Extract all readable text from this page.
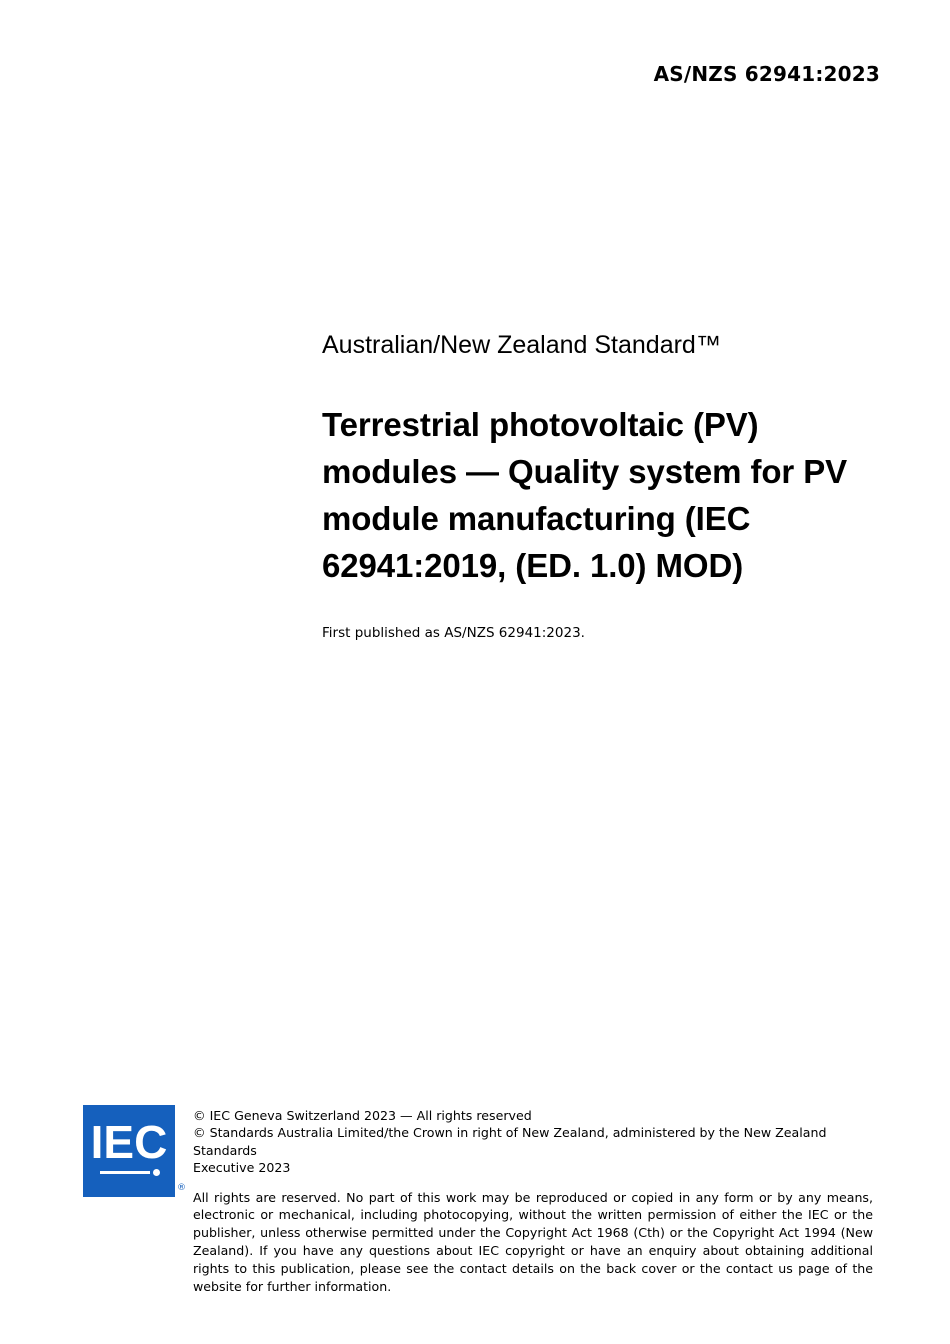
AS/NZS 62941:2023
Australian/New Zealand Standard™
Terrestrial photovoltaic (PV) modules — Quality system for PV module manufacturing (IEC 62941:2019, (ED. 1.0) MOD)
First published as AS/NZS 62941:2023.
IEC
®
© IEC Geneva Switzerland 2023 — All rights reserved
© Standards Australia Limited/the Crown in right of New Zealand, administered by the New Zealand Standards
Executive 2023
All rights are reserved. No part of this work may be reproduced or copied in any form or by any means, electronic or mechanical, including photocopying, without the written permission of either the IEC or the publisher, unless otherwise permitted under the Copyright Act 1968 (Cth) or the Copyright Act 1994 (New Zealand). If you have any questions about IEC copyright or have an enquiry about obtaining additional rights to this publication, please see the contact details on the back cover or the contact us page of the website for further information.
